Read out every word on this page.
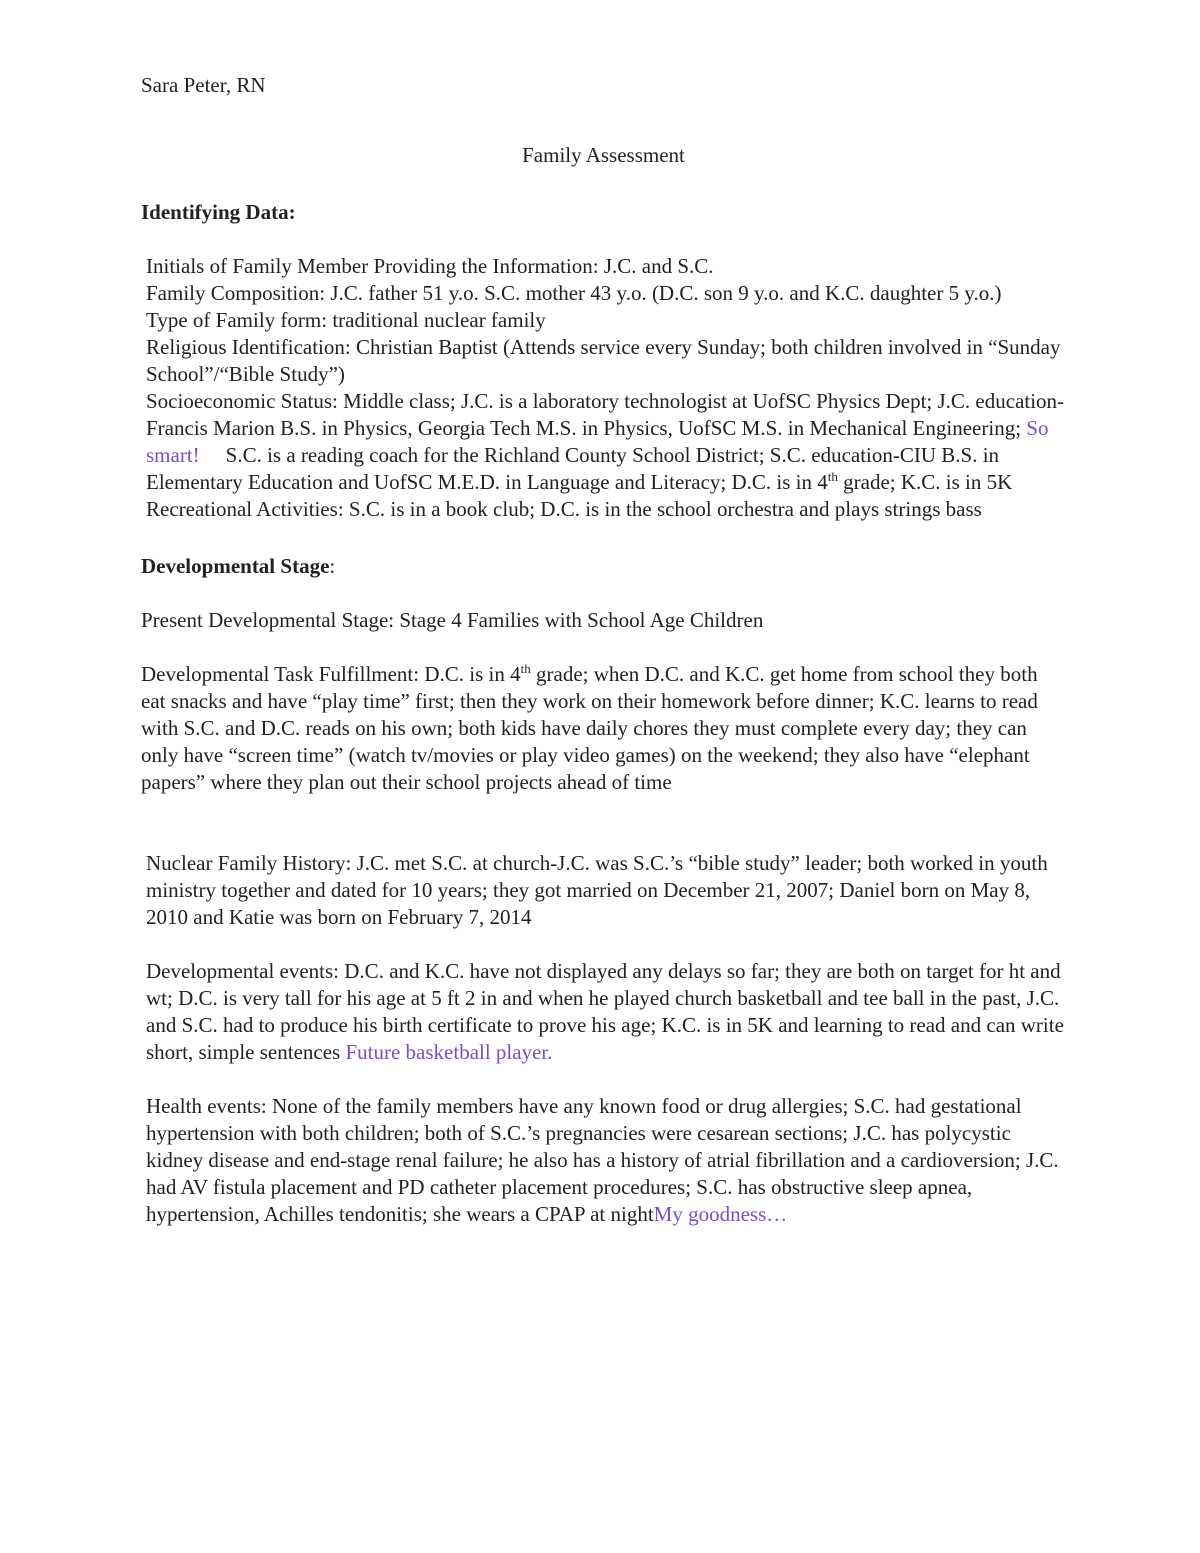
Sara Peter, RN

Family Assessment

Identifying Data:

Initials of Family Member Providing the Information: J.C. and S.C.

Family Composition: J.C. father 51 y.o. S.C. mother 43 y.o. (D.C. son 9 y.o. and K.C. daughter 5 y.o.)

Type of Family form: traditional nuclear family

Religious Identification: Christian Baptist (Attends service every Sunday; both children involved in “Sunday School”/“Bible Study”)

Socioeconomic Status: Middle class; J.C. is a laboratory technologist at UofSC Physics Dept; J.C. education-Francis Marion B.S. in Physics, Georgia Tech M.S. in Physics, UofSC M.S. in Mechanical Engineering; So smart! S.C. is a reading coach for the Richland County School District; S.C. education-CIU B.S. in Elementary Education and UofSC M.E.D. in Language and Literacy; D.C. is in 4th grade; K.C. is in 5K

Recreational Activities: S.C. is in a book club; D.C. is in the school orchestra and plays strings bass

Developmental Stage:

Present Developmental Stage: Stage 4 Families with School Age Children

Developmental Task Fulfillment: D.C. is in 4th grade; when D.C. and K.C. get home from school they both eat snacks and have “play time” first; then they work on their homework before dinner; K.C. learns to read with S.C. and D.C. reads on his own; both kids have daily chores they must complete every day; they can only have “screen time” (watch tv/movies or play video games) on the weekend; they also have “elephant papers” where they plan out their school projects ahead of time

Nuclear Family History: J.C. met S.C. at church-J.C. was S.C.’s “bible study” leader; both worked in youth ministry together and dated for 10 years; they got married on December 21, 2007; Daniel born on May 8, 2010 and Katie was born on February 7, 2014

Developmental events: D.C. and K.C. have not displayed any delays so far; they are both on target for ht and wt; D.C. is very tall for his age at 5 ft 2 in and when he played church basketball and tee ball in the past, J.C. and S.C. had to produce his birth certificate to prove his age; K.C. is in 5K and learning to read and can write short, simple sentences Future basketball player.

Health events: None of the family members have any known food or drug allergies; S.C. had gestational hypertension with both children; both of S.C.’s pregnancies were cesarean sections; J.C. has polycystic kidney disease and end-stage renal failure; he also has a history of atrial fibrillation and a cardioversion; J.C. had AV fistula placement and PD catheter placement procedures; S.C. has obstructive sleep apnea, hypertension, Achilles tendonitis; she wears a CPAP at nightMy goodness…
